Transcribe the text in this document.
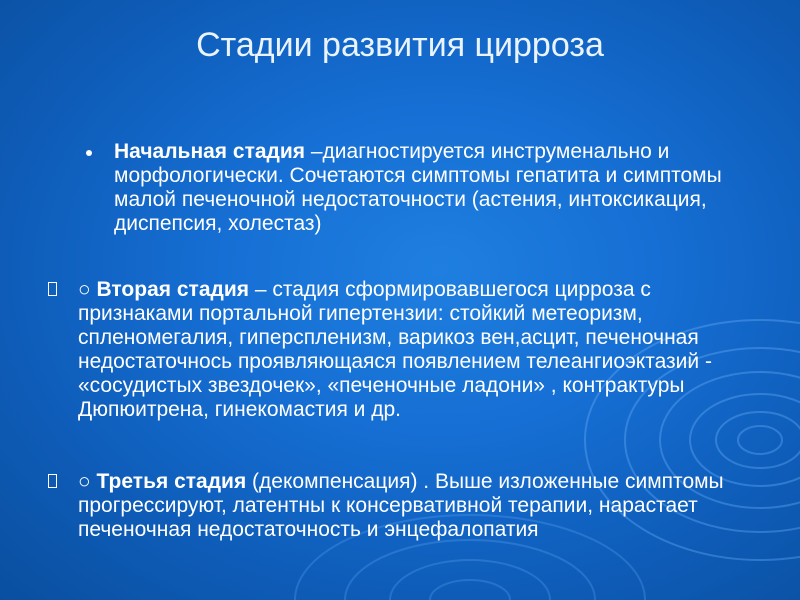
Стадии развития цирроза
Начальная стадия –диагностируется инструменально и морфологически. Сочетаются симптомы гепатита и симптомы малой печеночной недостаточности (астения, интоксикация, диспепсия, холестаз)
○ Вторая стадия – стадия сформировавшегося цирроза с признаками портальной гипертензии: стойкий метеоризм, спленомегалия, гиперспленизм, варикоз вен,асцит, печеночная недостаточнось проявляющаяся появлением телеангиоэктазий - «сосудистых звездочек», «печеночные ладони» , контрактуры Дюпюитрена, гинекомастия и др.
○ Третья стадия (декомпенсация) . Выше изложенные симптомы прогрессируют, латентны к консервативной терапии, нарастает печеночная недостаточность и энцефалопатия
